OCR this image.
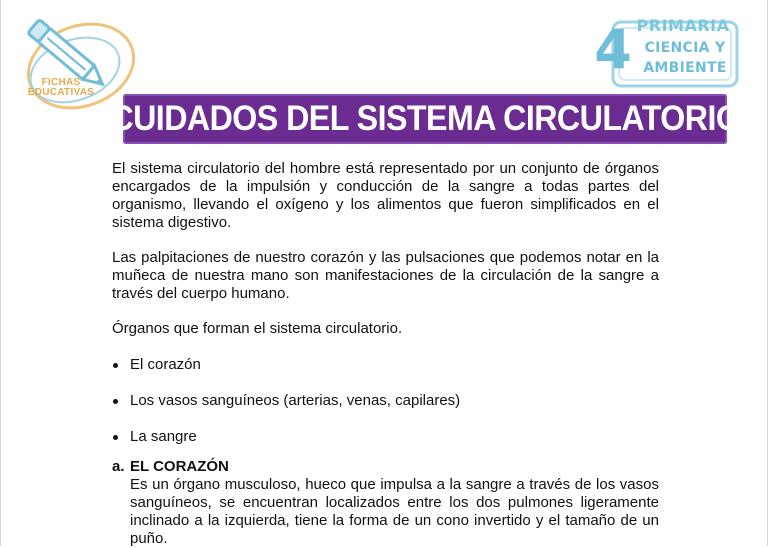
FICHAS
EDUCATIVAS
4 PRIMARIA
CIENCIA Y
AMBIENTE
CUIDADOS DEL SISTEMA CIRCULATORIO

El sistema circulatorio del hombre está representado por un conjunto de órganos encargados de la impulsión y conducción de la sangre a todas partes del organismo, llevando el oxígeno y los alimentos que fueron simplificados en el sistema digestivo.

Las palpitaciones de nuestro corazón y las pulsaciones que podemos notar en la muñeca de nuestra mano son manifestaciones de la circulación de la sangre a través del cuerpo humano.

Órganos que forman el sistema circulatorio.

El corazón
Los vasos sanguíneos (arterias, venas, capilares)
La sangre
a. EL CORAZÓN
Es un órgano musculoso, hueco que impulsa a la sangre a través de los vasos sanguíneos, se encuentran localizados entre los dos pulmones ligeramente inclinado a la izquierda, tiene la forma de un cono invertido y el tamaño de un puño.
